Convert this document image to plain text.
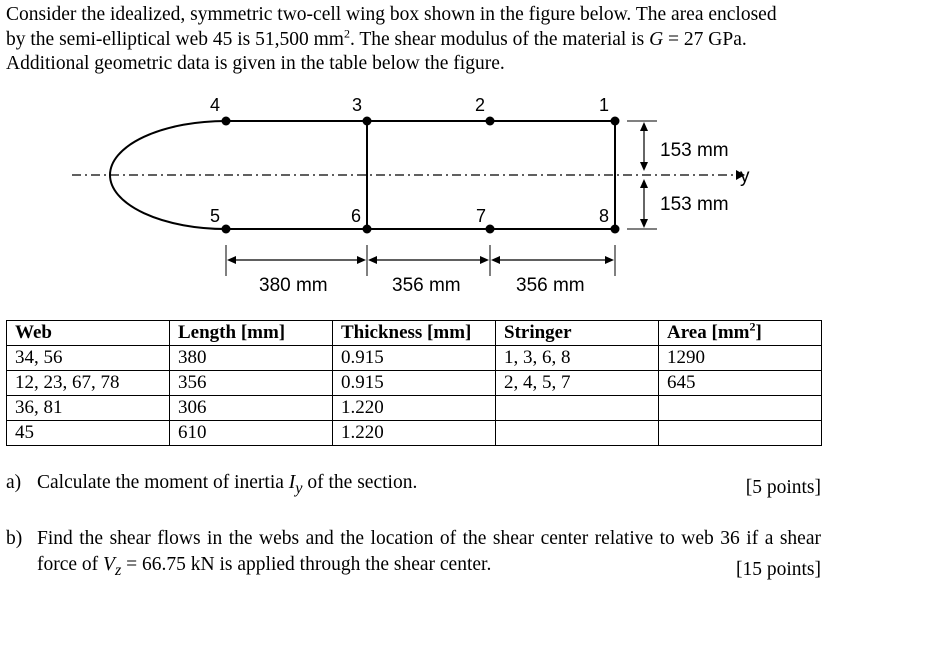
Consider the idealized, symmetric two-cell wing box shown in the figure below. The area enclosed
by the semi-elliptical web 45 is 51,500 $mm^2$. The shear modulus of the material is G = 27 GPa.
Additional geometric data is given in the table below the figure.
4	3	2	1
5	6	7	8
153 mm
153 mm
y
380 mm	356 mm	356 mm
Web	Length [mm]	Thickness [mm]	Stringer	Area $[mm^2]$
34, 56	380	0.915	1, 3, 6, 8	1290
12, 23, 67, 78	356	0.915	2, 4, 5, 7	645
36, 81	306	1.220		
45	610	1.220		
a) Calculate the moment of inertia $I_y$ of the section.	[5 points]
b) Find the shear flows in the webs and the location of the shear center relative to web 36 if a shear force of $V_z = 66.75$ kN is applied through the shear center.	[15 points]
